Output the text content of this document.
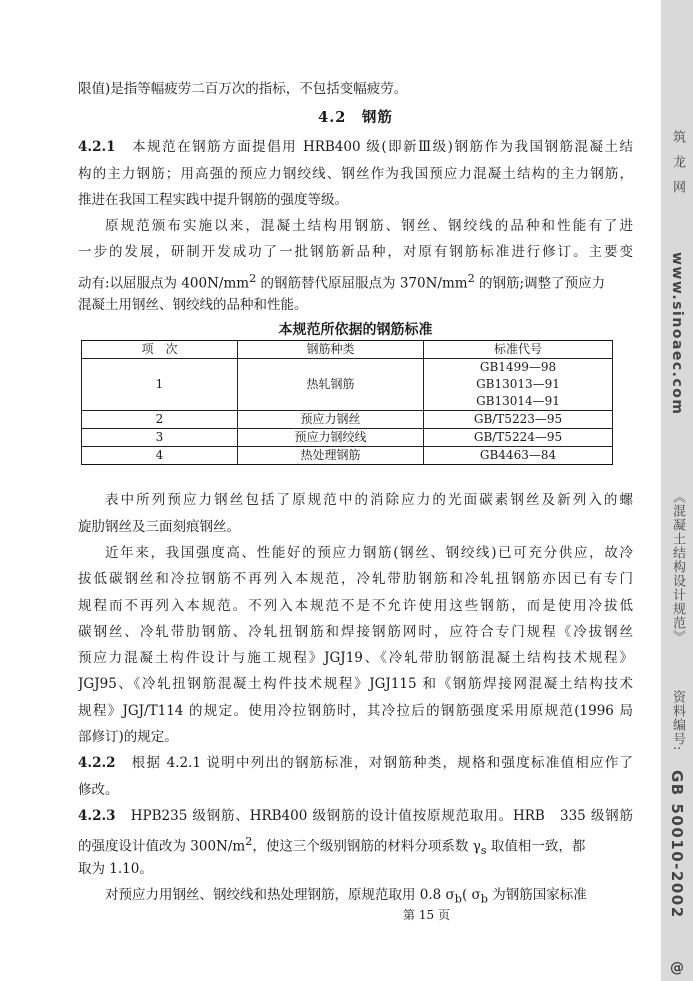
限值)是指等幅疲劳二百万次的指标，不包括变幅疲劳。
4.2　钢筋
4.2.1　 本规范在钢筋方面提倡用 HRB400 级(即新Ⅲ级)钢筋作为我国钢筋混凝土结
构的主力钢筋；用高强的预应力钢绞线、钢丝作为我国预应力混凝土结构的主力钢筋，
推进在我国工程实践中提升钢筋的强度等级。
原规范颁布实施以来，混凝土结构用钢筋、钢丝、钢绞线的品种和性能有了进
一步的发展，研制开发成功了一批钢筋新品种，对原有钢筋标准进行修订。主要变
动有:以屈服点为 $400N/mm^2$ 的钢筋替代原屈服点为 $370N/mm^2$ 的钢筋;调整了预应力
混凝土用钢丝、钢绞线的品种和性能。
本规范所依据的钢筋标准
项　次	钢筋种类	标准代号
1	热轧钢筋	GB1499—98
GB13013—91
GB13014—91

2	预应力钢丝	GB/T5223—95
3	预应力钢绞线	GB/T5224—95
4	热处理钢筋	GB4463—84
表中所列预应力钢丝包括了原规范中的消除应力的光面碳素钢丝及新列入的螺
旋肋钢丝及三面刻痕钢丝。
近年来，我国强度高、性能好的预应力钢筋(钢丝、钢绞线)已可充分供应，故冷
拔低碳钢丝和冷拉钢筋不再列入本规范，冷轧带肋钢筋和冷轧扭钢筋亦因已有专门
规程而不再列入本规范。不列入本规范不是不允许使用这些钢筋，而是使用冷拔低
碳钢丝、冷轧带肋钢筋、冷轧扭钢筋和焊接钢筋网时，应符合专门规程《冷拔钢丝
预应力混凝土构件设计与施工规程》JGJ19、《冷轧带肋钢筋混凝土结构技术规程》
JGJ95、《冷轧扭钢筋混凝土构件技术规程》JGJ115 和《钢筋焊接网混凝土结构技术
规程》JGJ/T114 的规定。使用冷拉钢筋时，其冷拉后的钢筋强度采用原规范(1996 局
部修订)的规定。
4.2.2　 根据 4.2.1 说明中列出的钢筋标准，对钢筋种类，规格和强度标准值相应作了
修改。
4.2.3　 HPB235 级钢筋、HRB400 级钢筋的设计值按原规范取用。HRB　335 级钢筋
的强度设计值改为 $300N/m^2$，使这三个级别钢筋的材料分项系数 $\gamma_s$ 取值相一致，都
取为 1.10。
对预应力用钢丝、钢绞线和热处理钢筋，原规范取用 0.8 $\sigma_b$( $\sigma_b$ 为钢筋国家标准
第 15 页
筑 龙 网
www.sinoaec.com
《混凝土结构设计规范》
资料编号:
GB 50010-2002
@
